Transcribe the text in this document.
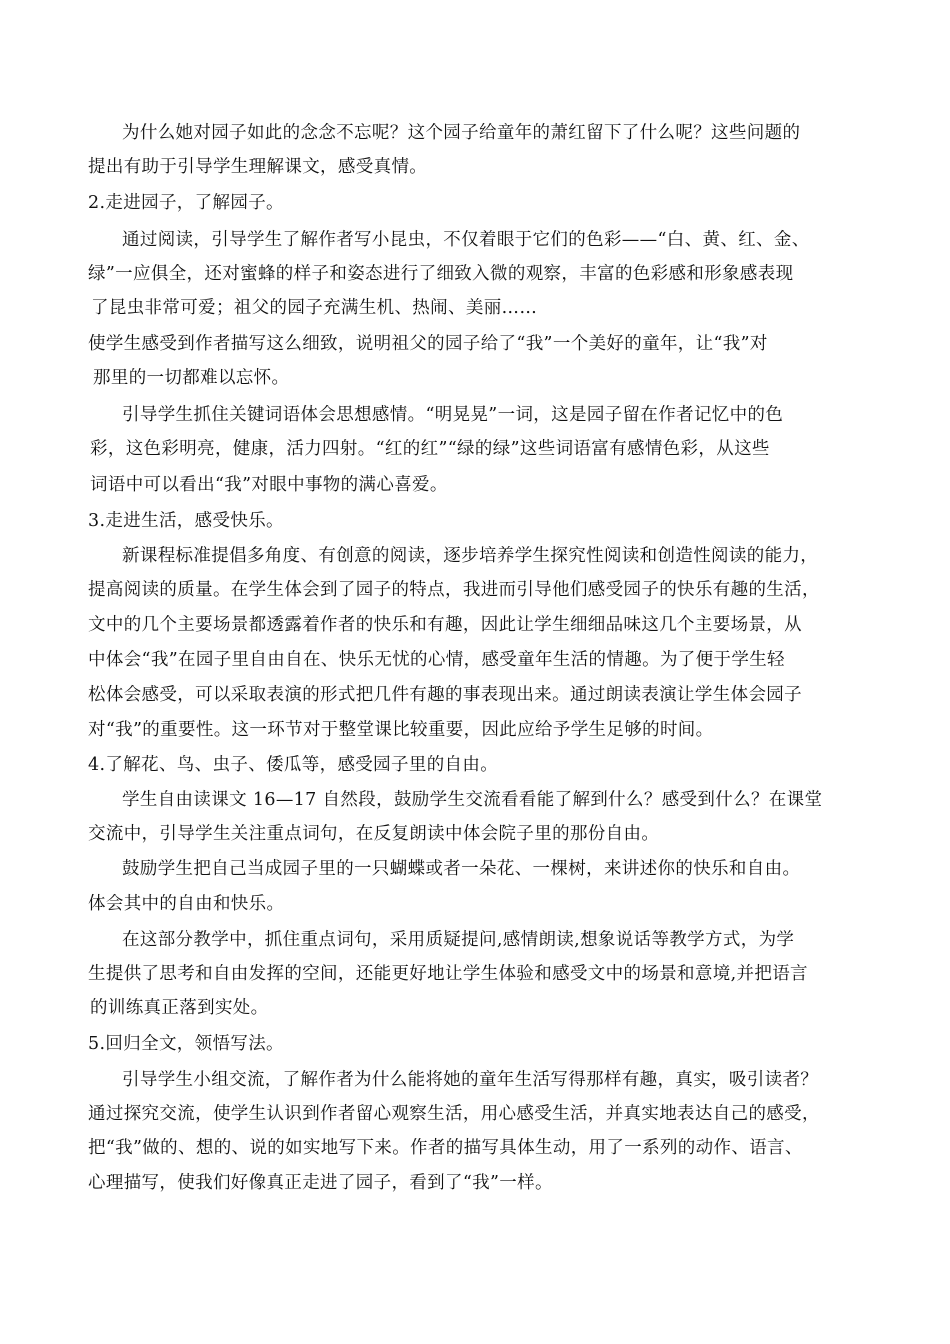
为什么她对园子如此的念念不忘呢？这个园子给童年的萧红留下了什么呢？这些问题的
提出有助于引导学生理解课文，感受真情。
2.走进园子，了解园子。
通过阅读，引导学生了解作者写小昆虫，不仅着眼于它们的色彩——“白、黄、红、金、
绿”一应俱全，还对蜜蜂的样子和姿态进行了细致入微的观察，丰富的色彩感和形象感表现
了昆虫非常可爱；祖父的园子充满生机、热闹、美丽……
使学生感受到作者描写这么细致，说明祖父的园子给了“我”一个美好的童年，让“我”对
那里的一切都难以忘怀。
引导学生抓住关键词语体会思想感情。“明晃晃”一词，这是园子留在作者记忆中的色
彩，这色彩明亮，健康，活力四射。“红的红”“绿的绿”这些词语富有感情色彩，从这些
词语中可以看出“我”对眼中事物的满心喜爱。
3.走进生活，感受快乐。
新课程标准提倡多角度、有创意的阅读，逐步培养学生探究性阅读和创造性阅读的能力，
提高阅读的质量。在学生体会到了园子的特点，我进而引导他们感受园子的快乐有趣的生活，
文中的几个主要场景都透露着作者的快乐和有趣，因此让学生细细品味这几个主要场景，从
中体会“我”在园子里自由自在、快乐无忧的心情，感受童年生活的情趣。为了便于学生轻
松体会感受，可以采取表演的形式把几件有趣的事表现出来。通过朗读表演让学生体会园子
对“我”的重要性。这一环节对于整堂课比较重要，因此应给予学生足够的时间。
4.了解花、鸟、虫子、倭瓜等，感受园子里的自由。
学生自由读课文 16—17 自然段，鼓励学生交流看看能了解到什么？感受到什么？在课堂
交流中，引导学生关注重点词句，在反复朗读中体会院子里的那份自由。
鼓励学生把自己当成园子里的一只蝴蝶或者一朵花、一棵树，来讲述你的快乐和自由。
体会其中的自由和快乐。
在这部分教学中，抓住重点词句，采用质疑提问,感情朗读,想象说话等教学方式，为学
生提供了思考和自由发挥的空间，还能更好地让学生体验和感受文中的场景和意境,并把语言
的训练真正落到实处。
5.回归全文，领悟写法。
引导学生小组交流，了解作者为什么能将她的童年生活写得那样有趣，真实，吸引读者？
通过探究交流，使学生认识到作者留心观察生活，用心感受生活，并真实地表达自己的感受，
把“我”做的、想的、说的如实地写下来。作者的描写具体生动，用了一系列的动作、语言、
心理描写，使我们好像真正走进了园子，看到了“我”一样。
